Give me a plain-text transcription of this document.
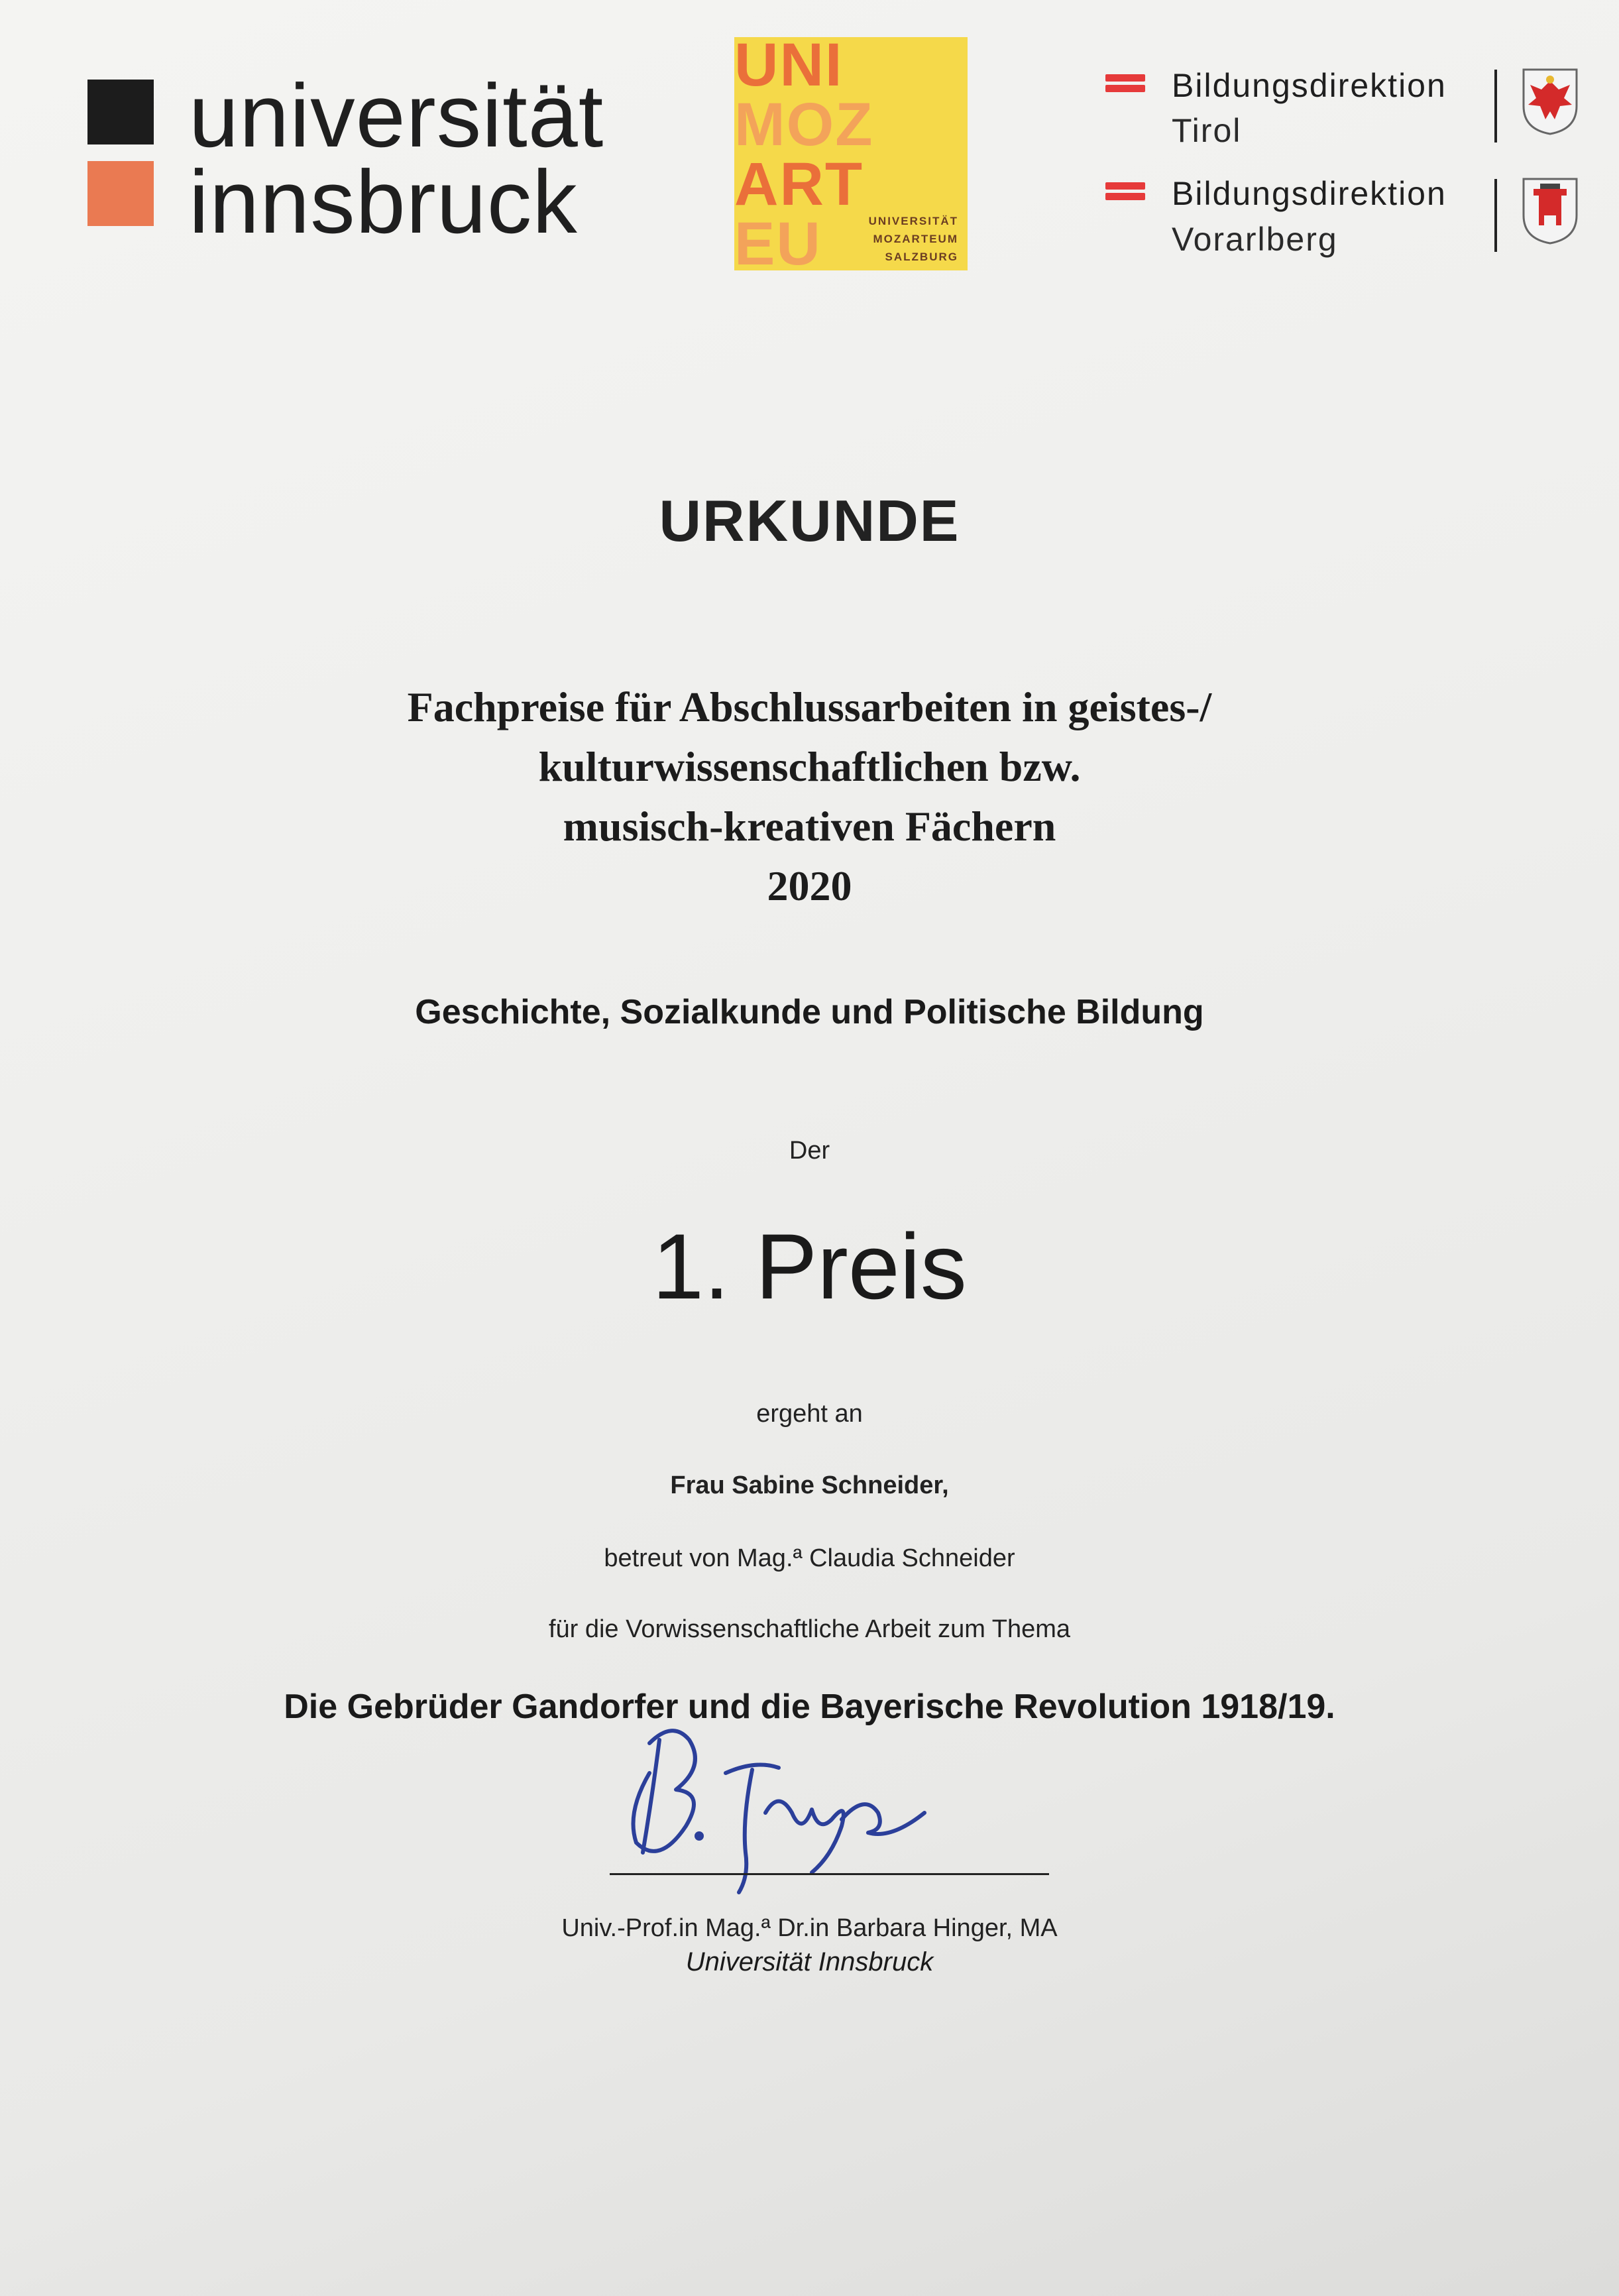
universität
innsbruck
UNI
MOZ
ART
EU	UNIVERSITÄT
MOZARTEUM
SALZBURG
Bildungsdirektion
Tirol
Bildungsdirektion
Vorarlberg
URKUNDE
Fachpreise für Abschlussarbeiten in geistes-/
kulturwissenschaftlichen bzw.
musisch-kreativen Fächern
2020
Geschichte, Sozialkunde und Politische Bildung
Der
1. Preis
ergeht an
Frau Sabine Schneider,
betreut von Mag.ª Claudia Schneider
für die Vorwissenschaftliche Arbeit zum Thema
Die Gebrüder Gandorfer und die Bayerische Revolution 1918/19.
Univ.-Prof.in Mag.ª Dr.in Barbara Hinger, MA
Universität Innsbruck
